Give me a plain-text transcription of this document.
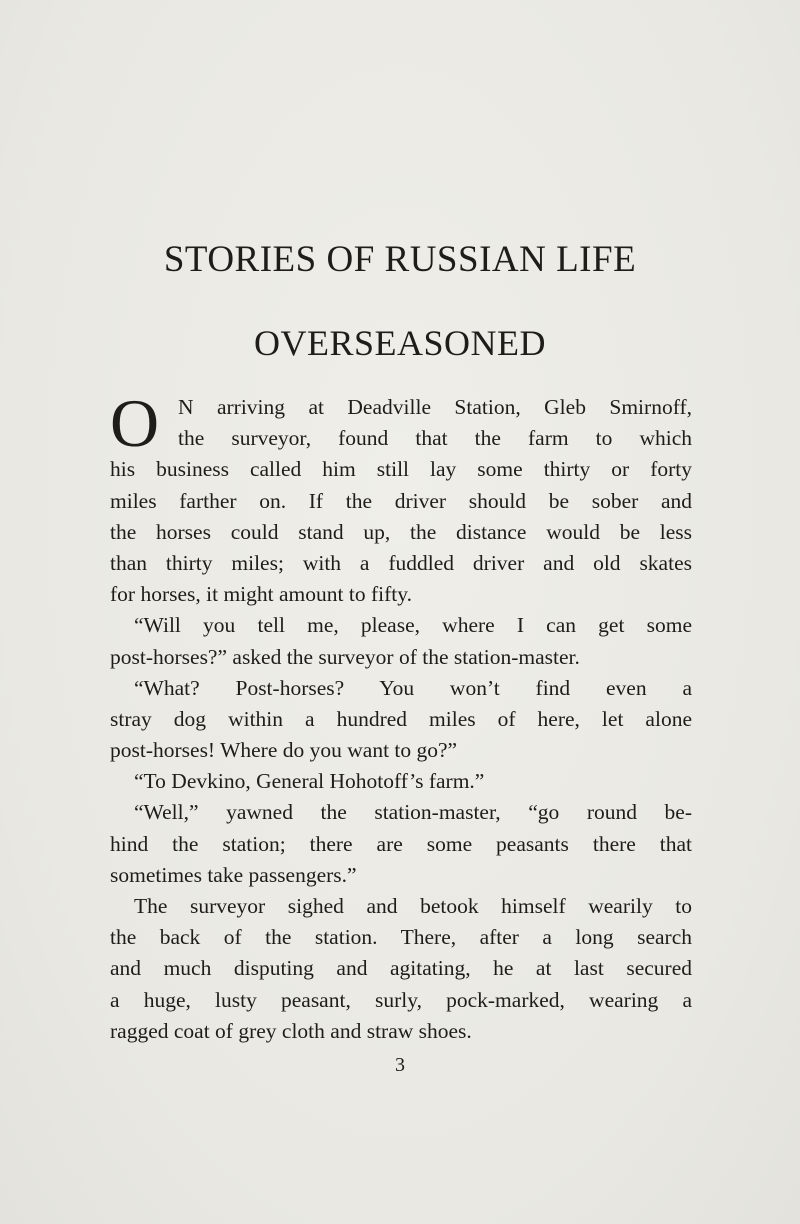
STORIES OF RUSSIAN LIFE
OVERSEASONED
O N arriving at Deadville Station, Gleb Smirnoff,
the surveyor, found that the farm to which
his business called him still lay some thirty or forty
miles farther on. If the driver should be sober and
the horses could stand up, the distance would be less
than thirty miles; with a fuddled driver and old skates
for horses, it might amount to fifty.
“Will you tell me, please, where I can get some
post-horses?” asked the surveyor of the station-master.
“What? Post-horses? You won’t find even a
stray dog within a hundred miles of here, let alone
post-horses! Where do you want to go?”
“To Devkino, General Hohotoff’s farm.”
“Well,” yawned the station-master, “go round be-
hind the station; there are some peasants there that
sometimes take passengers.”
The surveyor sighed and betook himself wearily to
the back of the station. There, after a long search
and much disputing and agitating, he at last secured
a huge, lusty peasant, surly, pock-marked, wearing a
ragged coat of grey cloth and straw shoes.
3
